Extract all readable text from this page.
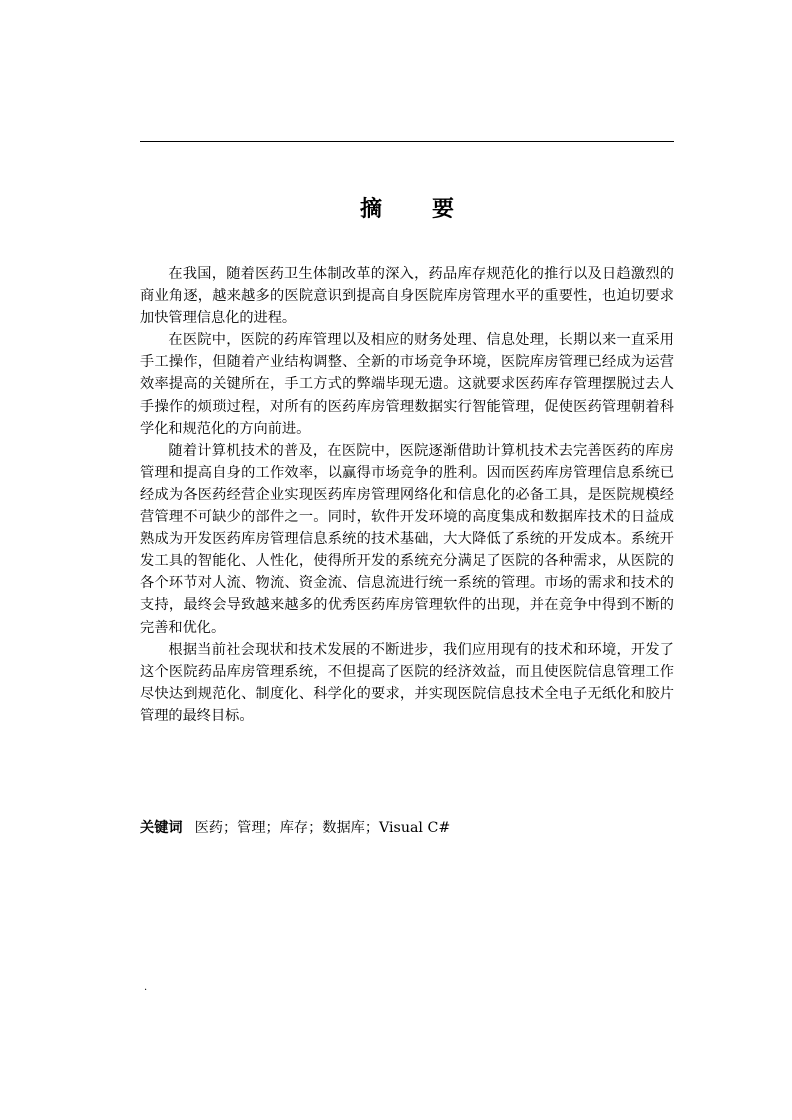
摘 要

在我国，随着医药卫生体制改革的深入，药品库存规范化的推行以及日趋激烈的商业角逐，越来越多的医院意识到提高自身医院库房管理水平的重要性，也迫切要求加快管理信息化的进程。

在医院中，医院的药库管理以及相应的财务处理、信息处理，长期以来一直采用手工操作，但随着产业结构调整、全新的市场竞争环境，医院库房管理已经成为运营效率提高的关键所在，手工方式的弊端毕现无遗。这就要求医药库存管理摆脱过去人手操作的烦琐过程，对所有的医药库房管理数据实行智能管理，促使医药管理朝着科学化和规范化的方向前进。

随着计算机技术的普及，在医院中，医院逐渐借助计算机技术去完善医药的库房管理和提高自身的工作效率，以赢得市场竞争的胜利。因而医药库房管理信息系统已经成为各医药经营企业实现医药库房管理网络化和信息化的必备工具，是医院规模经营管理不可缺少的部件之一。同时，软件开发环境的高度集成和数据库技术的日益成熟成为开发医药库房管理信息系统的技术基础，大大降低了系统的开发成本。系统开发工具的智能化、人性化，使得所开发的系统充分满足了医院的各种需求，从医院的各个环节对人流、物流、资金流、信息流进行统一系统的管理。市场的需求和技术的支持，最终会导致越来越多的优秀医药库房管理软件的出现，并在竞争中得到不断的完善和优化。

根据当前社会现状和技术发展的不断进步，我们应用现有的技术和环境，开发了这个医院药品库房管理系统，不但提高了医院的经济效益，而且使医院信息管理工作尽快达到规范化、制度化、科学化的要求，并实现医院信息技术全电子无纸化和胶片管理的最终目标。

关键词 医药；管理；库存；数据库；Visual C#
.
